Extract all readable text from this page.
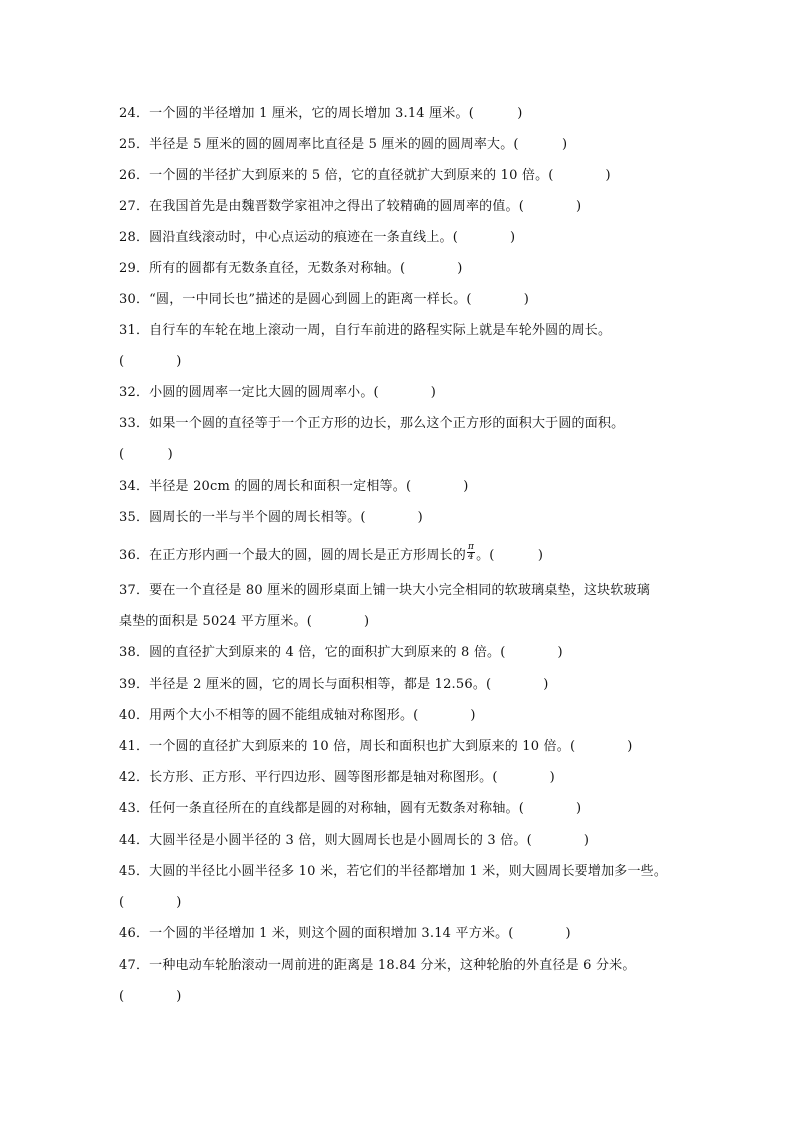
24．一个圆的半径增加 1 厘米，它的周长增加 3.14 厘米。(          )
25．半径是 5 厘米的圆的圆周率比直径是 5 厘米的圆的圆周率大。(          )
26．一个圆的半径扩大到原来的 5 倍，它的直径就扩大到原来的 10 倍。(            )
27．在我国首先是由魏晋数学家祖冲之得出了较精确的圆周率的值。(            )
28．圆沿直线滚动时，中心点运动的痕迹在一条直线上。(            )
29．所有的圆都有无数条直径，无数条对称轴。(            )
30．“圆，一中同长也”描述的是圆心到圆上的距离一样长。(            )
31．自行车的车轮在地上滚动一周，自行车前进的路程实际上就是车轮外圆的周长。
(            )
32．小圆的圆周率一定比大圆的圆周率小。(            )
33．如果一个圆的直径等于一个正方形的边长，那么这个正方形的面积大于圆的面积。
(          )
34．半径是 20cm 的圆的周长和面积一定相等。(            )
35．圆周长的一半与半个圆的周长相等。(            )
36．在正方形内画一个最大的圆，圆的周长是正方形周长的 $\frac{\pi}{4}$ 。(          )
37．要在一个直径是 80 厘米的圆形桌面上铺一块大小完全相同的软玻璃桌垫，这块软玻璃
桌垫的面积是 5024 平方厘米。(            )
38．圆的直径扩大到原来的 4 倍，它的面积扩大到原来的 8 倍。(            )
39．半径是 2 厘米的圆，它的周长与面积相等，都是 12.56。(            )
40．用两个大小不相等的圆不能组成轴对称图形。(            )
41．一个圆的直径扩大到原来的 10 倍，周长和面积也扩大到原来的 10 倍。(            )
42．长方形、正方形、平行四边形、圆等图形都是轴对称图形。(            )
43．任何一条直径所在的直线都是圆的对称轴，圆有无数条对称轴。(            )
44．大圆半径是小圆半径的 3 倍，则大圆周长也是小圆周长的 3 倍。(            )
45．大圆的半径比小圆半径多 10 米，若它们的半径都增加 1 米，则大圆周长要增加多一些。
(            )
46．一个圆的半径增加 1 米，则这个圆的面积增加 3.14 平方米。(            )
47．一种电动车轮胎滚动一周前进的距离是 18.84 分米，这种轮胎的外直径是 6 分米。
(            )
